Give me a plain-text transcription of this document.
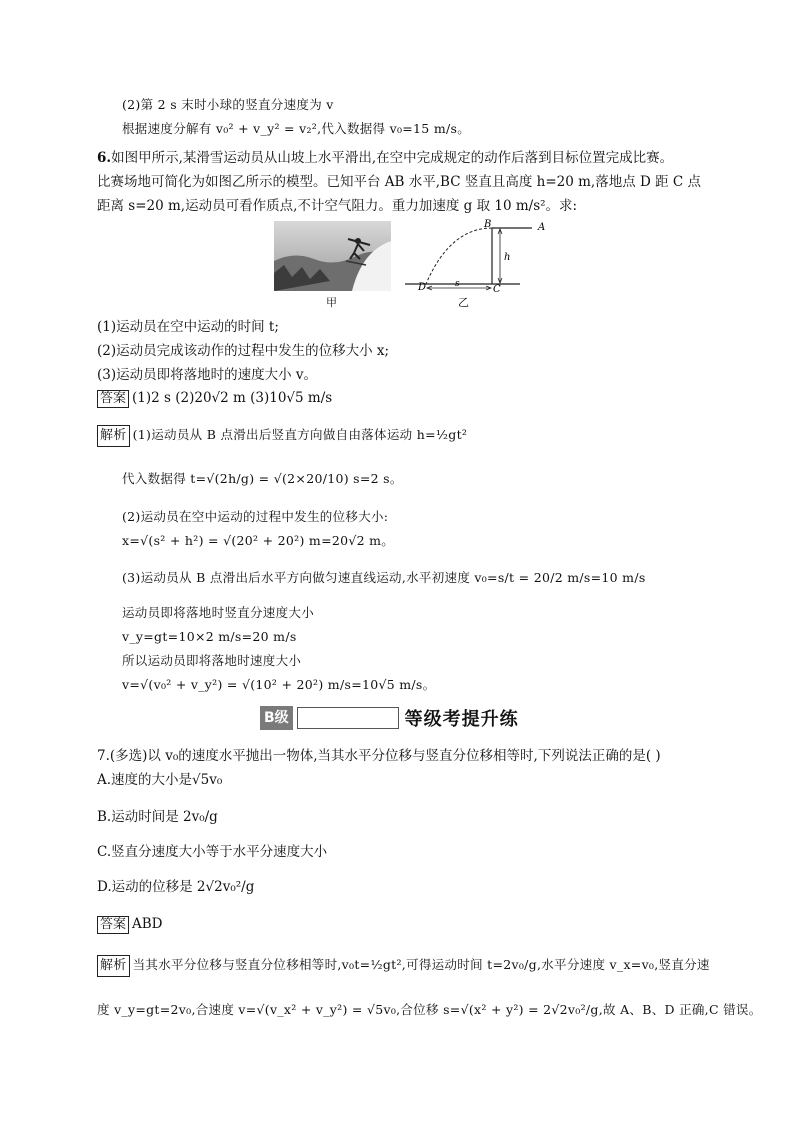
(2)第 2 s 末时小球的竖直分速度为 v
根据速度分解有 v₀² + v_y² = v₂²,代入数据得 v₀=15 m/s。
6.如图甲所示,某滑雪运动员从山坡上水平滑出,在空中完成规定的动作后落到目标位置完成比赛。
比赛场地可简化为如图乙所示的模型。已知平台 AB 水平,BC 竖直且高度 h=20 m,落地点 D 距 C 点
距离 s=20 m,运动员可看作质点,不计空气阻力。重力加速度 g 取 10 m/s²。求:
甲
B	A
h
C
D	s
乙
(1)运动员在空中运动的时间 t;
(2)运动员完成该动作的过程中发生的位移大小 x;
(3)运动员即将落地时的速度大小 v。
答案 (1)2 s (2)20√2 m (3)10√5 m/s
解析 (1)运动员从 B 点滑出后竖直方向做自由落体运动 h=½gt²
代入数据得 t=√(2h/g) = √(2×20/10) s=2 s。
(2)运动员在空中运动的过程中发生的位移大小:
x=√(s² + h²) = √(20² + 20²) m=20√2 m。
(3)运动员从 B 点滑出后水平方向做匀速直线运动,水平初速度 v₀=s/t = 20/2 m/s=10 m/s
运动员即将落地时竖直分速度大小
v_y=gt=10×2 m/s=20 m/s
所以运动员即将落地时速度大小
v=√(v₀² + v_y²) = √(10² + 20²) m/s=10√5 m/s。
B级	等级考提升练
7.(多选)以 v₀的速度水平抛出一物体,当其水平分位移与竖直分位移相等时,下列说法正确的是( )
A.速度的大小是√5v₀
B.运动时间是 2v₀/g
C.竖直分速度大小等于水平分速度大小
D.运动的位移是 2√2v₀²/g
答案 ABD
解析 当其水平分位移与竖直分位移相等时,v₀t=½gt²,可得运动时间 t=2v₀/g,水平分速度 v_x=v₀,竖直分速
度 v_y=gt=2v₀,合速度 v=√(v_x² + v_y²) = √5v₀,合位移 s=√(x² + y²) = 2√2v₀²/g,故 A、B、D 正确,C 错误。
